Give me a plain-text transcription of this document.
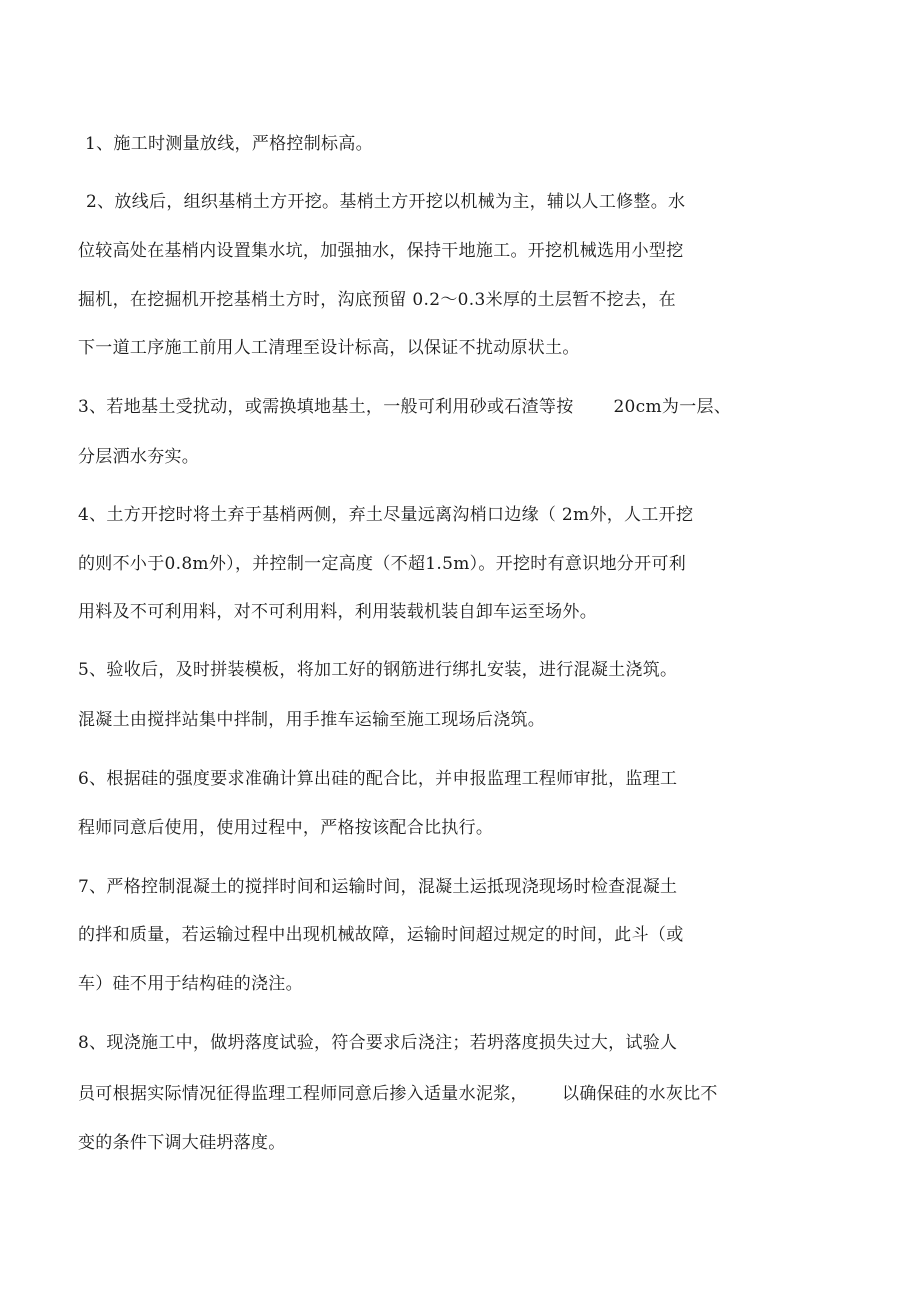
1、施工时测量放线，严格控制标高。
2、放线后，组织基梢土方开挖。基梢土方开挖以机械为主，辅以人工修整。水
位较高处在基梢内设置集水坑，加强抽水，保持干地施工。开挖机械选用小型挖
掘机，在挖掘机开挖基梢土方时，沟底预留 0.2～0.3米厚的土层暂不挖去，在
下一道工序施工前用人工清理至设计标高，以保证不扰动原状土。
3、若地基土受扰动，或需换填地基土，一般可利用砂或石渣等按       20cm为一层、
分层洒水夯实。
4、土方开挖时将土弃于基梢两侧，弃土尽量远离沟梢口边缘（ 2m外，人工开挖
的则不小于0.8m外），并控制一定高度（不超1.5m）。开挖时有意识地分开可利
用料及不可利用料，对不可利用料，利用装载机装自卸车运至场外。
5、验收后，及时拼装模板，将加工好的钢筋进行绑扎安装，进行混凝土浇筑。
混凝土由搅拌站集中拌制，用手推车运输至施工现场后浇筑。
6、根据硅的强度要求准确计算出硅的配合比，并申报监理工程师审批，监理工
程师同意后使用，使用过程中，严格按该配合比执行。
7、严格控制混凝土的搅拌时间和运输时间，混凝土运抵现浇现场时检查混凝土
的拌和质量，若运输过程中出现机械故障，运输时间超过规定的时间，此斗（或
车）硅不用于结构硅的浇注。
8、现浇施工中，做坍落度试验，符合要求后浇注；若坍落度损失过大，试验人
员可根据实际情况征得监理工程师同意后掺入适量水泥浆，      以确保硅的水灰比不
变的条件下调大硅坍落度。
